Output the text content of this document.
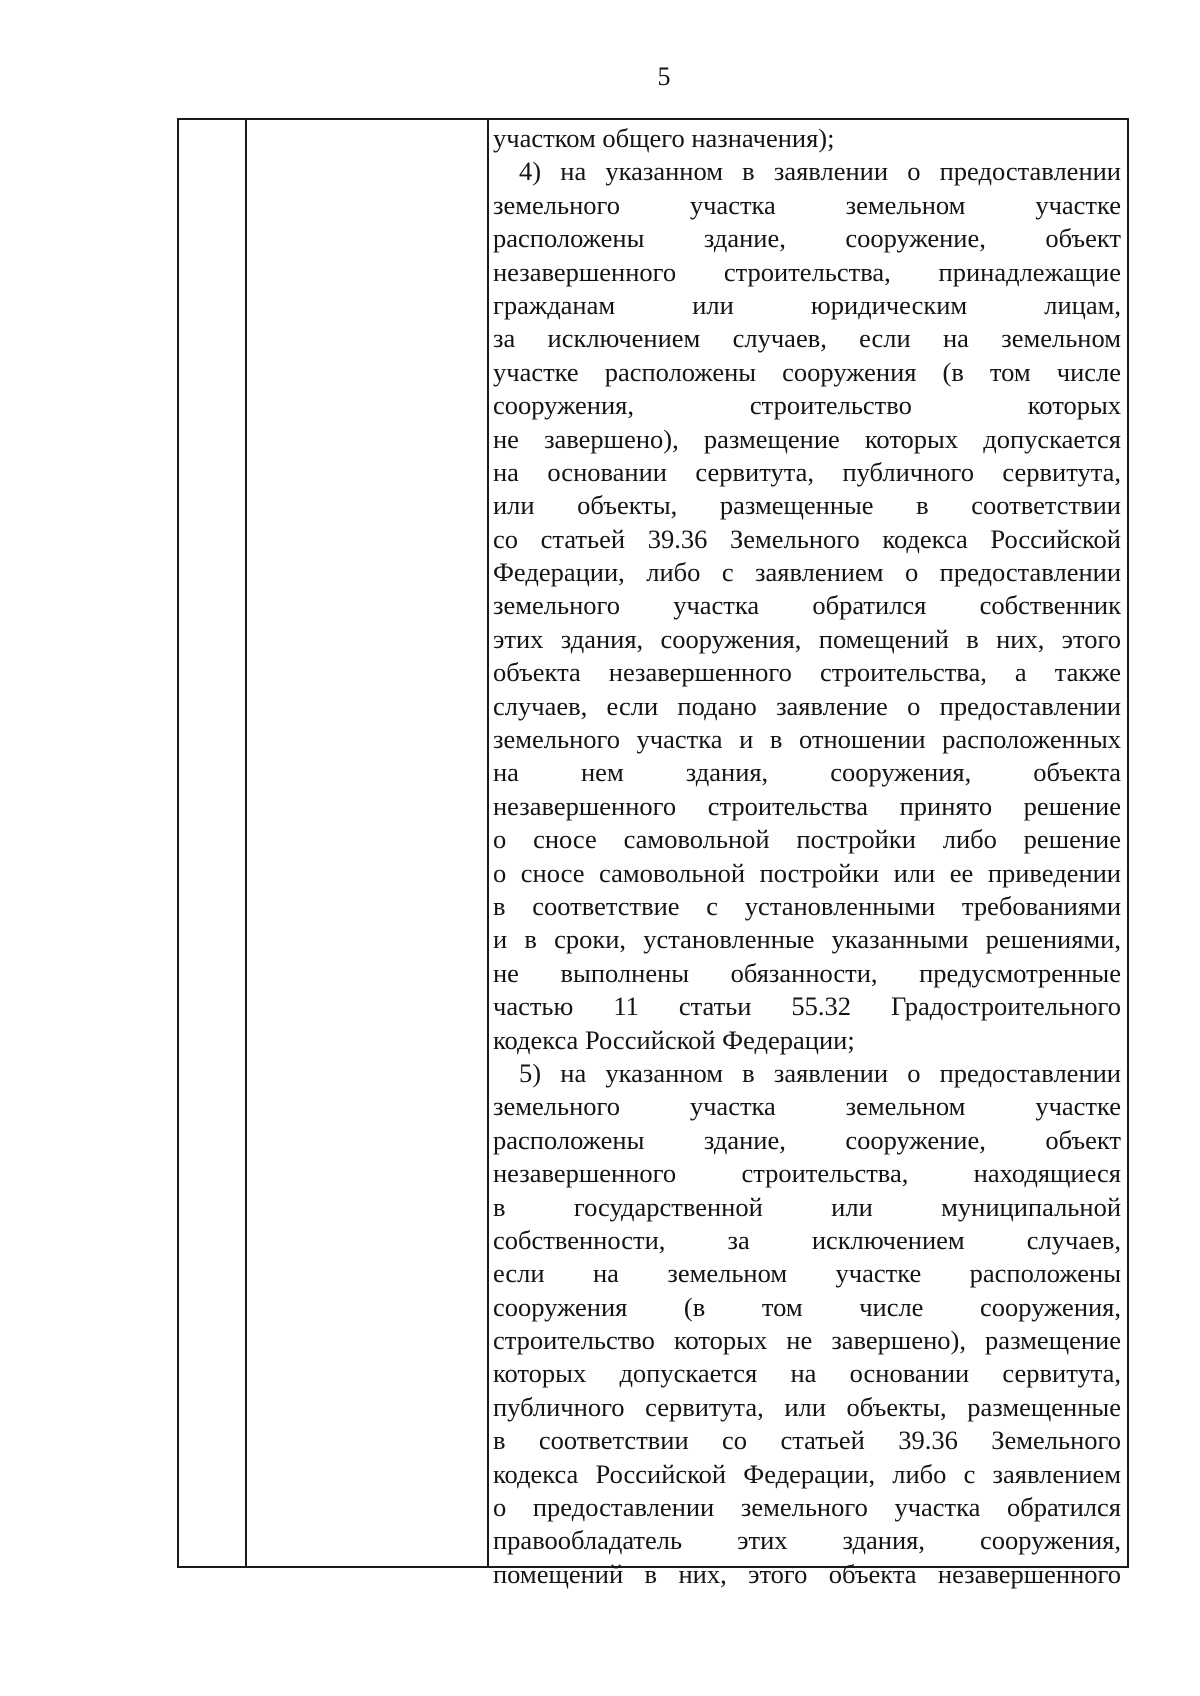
5
участком общего назначения);
4) на указанном в заявлении о предоставлении
земельного участка земельном участке
расположены здание, сооружение, объект
незавершенного строительства, принадлежащие
гражданам или юридическим лицам,
за исключением случаев, если на земельном
участке расположены сооружения (в том числе
сооружения, строительство которых
не завершено), размещение которых допускается
на основании сервитута, публичного сервитута,
или объекты, размещенные в соответствии
со статьей 39.36 Земельного кодекса Российской
Федерации, либо с заявлением о предоставлении
земельного участка обратился собственник
этих здания, сооружения, помещений в них, этого
объекта незавершенного строительства, а также
случаев, если подано заявление о предоставлении
земельного участка и в отношении расположенных
на нем здания, сооружения, объекта
незавершенного строительства принято решение
о сносе самовольной постройки либо решение
о сносе самовольной постройки или ее приведении
в соответствие с установленными требованиями
и в сроки, установленные указанными решениями,
не выполнены обязанности, предусмотренные
частью 11 статьи 55.32 Градостроительного
кодекса Российской Федерации;
5) на указанном в заявлении о предоставлении
земельного участка земельном участке
расположены здание, сооружение, объект
незавершенного строительства, находящиеся
в государственной или муниципальной
собственности, за исключением случаев,
если на земельном участке расположены
сооружения (в том числе сооружения,
строительство которых не завершено), размещение
которых допускается на основании сервитута,
публичного сервитута, или объекты, размещенные
в соответствии со статьей 39.36 Земельного
кодекса Российской Федерации, либо с заявлением
о предоставлении земельного участка обратился
правообладатель этих здания, сооружения,
помещений в них, этого объекта незавершенного
